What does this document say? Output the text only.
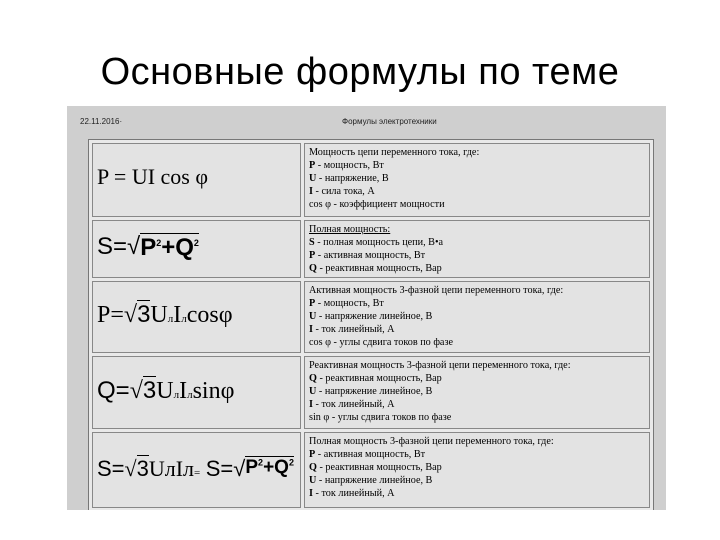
Основные формулы по теме
22.11.2016·	Формулы электротехники
P = UI cos φ
Мощность цепи переменного тока, где:
P - мощность, Вт
U - напряжение, В
I - сила тока, А
cos φ - коэффициент мощности
S= √ $P^2+Q^2$
Полная мощность:
S - полная мощность цепи, В•а
P - активная мощность, Вт
Q - реактивная мощность, Вар
P=√3UлIлcosφ
Активная мощность 3-фазной цепи переменного тока, где:
P - мощность, Вт
U - напряжение линейное, В
I - ток линейный, А
cos φ - углы сдвига токов по фазе
Q=√3UлIлsinφ
Реактивная мощность 3-фазной цепи переменного тока, где:
Q - реактивная мощность, Вар
U - напряжение линейное, В
I - ток линейный, А
sin φ - углы сдвига токов по фазе
S=√3UлIл= S= √ $P^2+Q^2$
Полная мощность 3-фазной цепи переменного тока, где:
P - активная мощность, Вт
Q - реактивная мощность, Вар
U - напряжение линейное, В
I - ток линейный, А
